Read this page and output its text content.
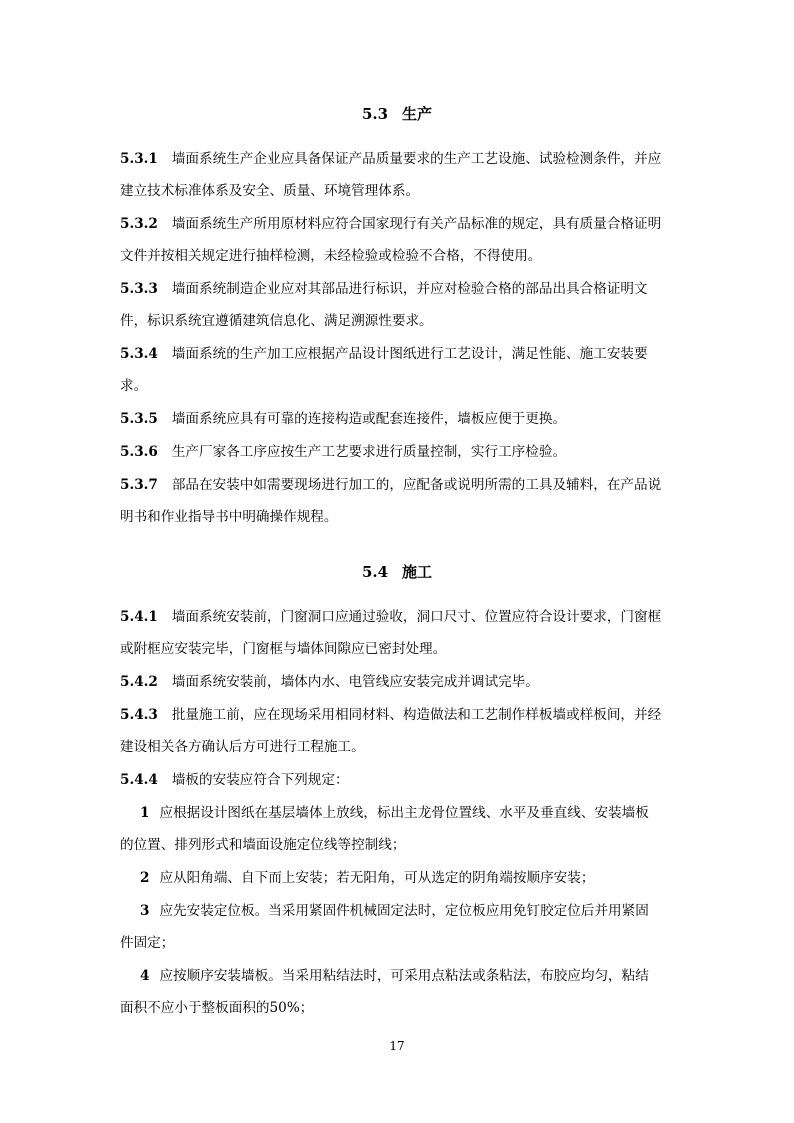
5.3 生产
5.3.1 墙面系统生产企业应具备保证产品质量要求的生产工艺设施、试验检测条件，并应
建立技术标准体系及安全、质量、环境管理体系。
5.3.2 墙面系统生产所用原材料应符合国家现行有关产品标准的规定，具有质量合格证明
文件并按相关规定进行抽样检测，未经检验或检验不合格，不得使用。
5.3.3 墙面系统制造企业应对其部品进行标识，并应对检验合格的部品出具合格证明文
件，标识系统宜遵循建筑信息化、满足溯源性要求。
5.3.4 墙面系统的生产加工应根据产品设计图纸进行工艺设计，满足性能、施工安装要
求。
5.3.5 墙面系统应具有可靠的连接构造或配套连接件，墙板应便于更换。
5.3.6 生产厂家各工序应按生产工艺要求进行质量控制，实行工序检验。
5.3.7 部品在安装中如需要现场进行加工的，应配备或说明所需的工具及辅料，在产品说
明书和作业指导书中明确操作规程。
5.4 施工
5.4.1 墙面系统安装前，门窗洞口应通过验收，洞口尺寸、位置应符合设计要求，门窗框
或附框应安装完毕，门窗框与墙体间隙应已密封处理。
5.4.2 墙面系统安装前，墙体内水、电管线应安装完成并调试完毕。
5.4.3 批量施工前，应在现场采用相同材料、构造做法和工艺制作样板墙或样板间，并经
建设相关各方确认后方可进行工程施工。
5.4.4 墙板的安装应符合下列规定：
1 应根据设计图纸在基层墙体上放线，标出主龙骨位置线、水平及垂直线、安装墙板
的位置、排列形式和墙面设施定位线等控制线；
2 应从阳角端、自下而上安装；若无阳角，可从选定的阴角端按顺序安装；
3 应先安装定位板。当采用紧固件机械固定法时，定位板应用免钉胶定位后并用紧固
件固定；
4 应按顺序安装墙板。当采用粘结法时，可采用点粘法或条粘法，布胶应均匀，粘结
面积不应小于整板面积的50%；
17
